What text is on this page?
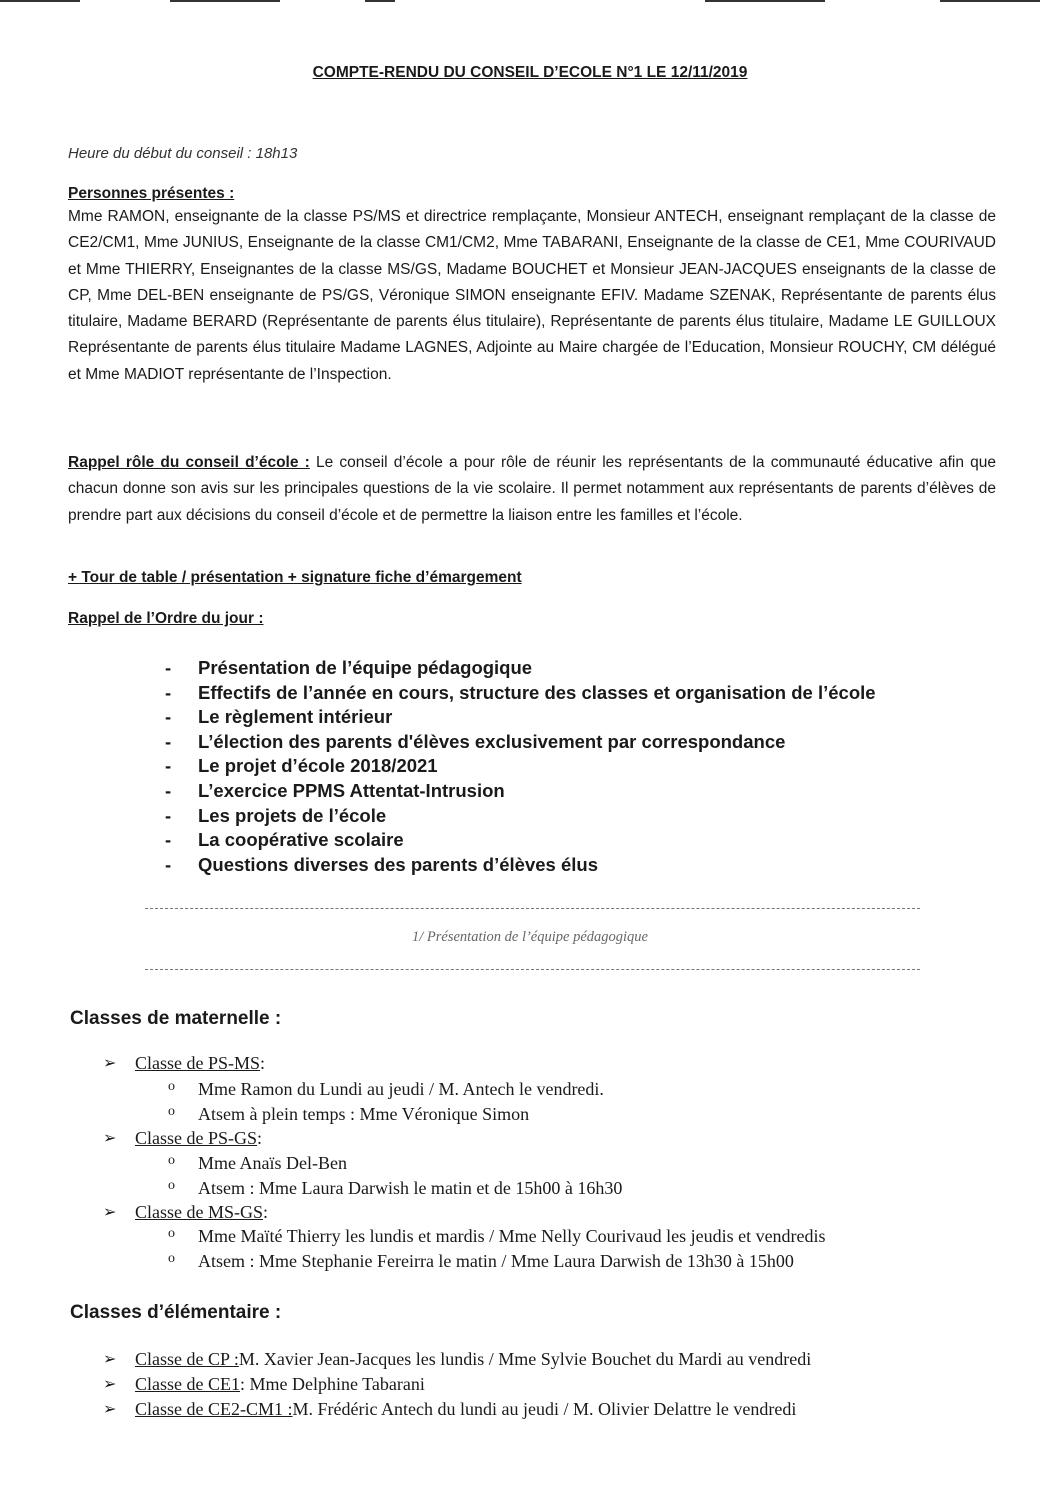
COMPTE-RENDU DU CONSEIL D’ECOLE N°1 LE 12/11/2019
Heure du début du conseil : 18h13
Personnes présentes :
Mme RAMON, enseignante de la classe PS/MS et directrice remplaçante, Monsieur ANTECH, enseignant remplaçant de la classe de CE2/CM1, Mme JUNIUS, Enseignante de la classe CM1/CM2, Mme TABARANI, Enseignante de la classe de CE1, Mme COURIVAUD et Mme THIERRY, Enseignantes de la classe MS/GS, Madame BOUCHET et Monsieur JEAN-JACQUES enseignants de la classe de CP, Mme DEL-BEN enseignante de PS/GS, Véronique SIMON enseignante EFIV. Madame SZENAK, Représentante de parents élus titulaire, Madame BERARD (Représentante de parents élus titulaire), Représentante de parents élus titulaire, Madame LE GUILLOUX Représentante de parents élus titulaire Madame LAGNES, Adjointe au Maire chargée de l’Education, Monsieur ROUCHY, CM délégué et Mme MADIOT représentante de l’Inspection.
Rappel rôle du conseil d’école : Le conseil d’école a pour rôle de réunir les représentants de la communauté éducative afin que chacun donne son avis sur les principales questions de la vie scolaire. Il permet notamment aux représentants de parents d’élèves de prendre part aux décisions du conseil d’école et de permettre la liaison entre les familles et l’école.
+ Tour de table / présentation + signature fiche d’émargement
Rappel de l’Ordre du jour :
-	Présentation de l’équipe pédagogique
-	Effectifs de l’année en cours, structure des classes et organisation de l’école
-	Le règlement intérieur
-	L’élection des parents d'élèves exclusivement par correspondance
-	Le projet d’école 2018/2021
-	L’exercice PPMS Attentat-Intrusion
-	Les projets de l’école
-	La coopérative scolaire
-	Questions diverses des parents d’élèves élus
1/ Présentation de l’équipe pédagogique
Classes de maternelle :
➢	Classe de PS-MS :
o	Mme Ramon du Lundi au jeudi / M. Antech le vendredi.
o	Atsem à plein temps : Mme Véronique Simon
➢	Classe de PS-GS :
o	Mme Anaïs Del-Ben
o	Atsem : Mme Laura Darwish le matin et de 15h00 à 16h30
➢	Classe de MS-GS :
o	Mme Maïté Thierry les lundis et mardis / Mme Nelly Courivaud les jeudis et vendredis
o	Atsem : Mme Stephanie Fereirra le matin / Mme Laura Darwish de 13h30 à 15h00
Classes d’élémentaire :
➢	Classe de CP : M. Xavier Jean-Jacques les lundis / Mme Sylvie Bouchet du Mardi au vendredi
➢	Classe de CE1 : Mme Delphine Tabarani
➢	Classe de CE2-CM1 : M. Frédéric Antech du lundi au jeudi / M. Olivier Delattre le vendredi
